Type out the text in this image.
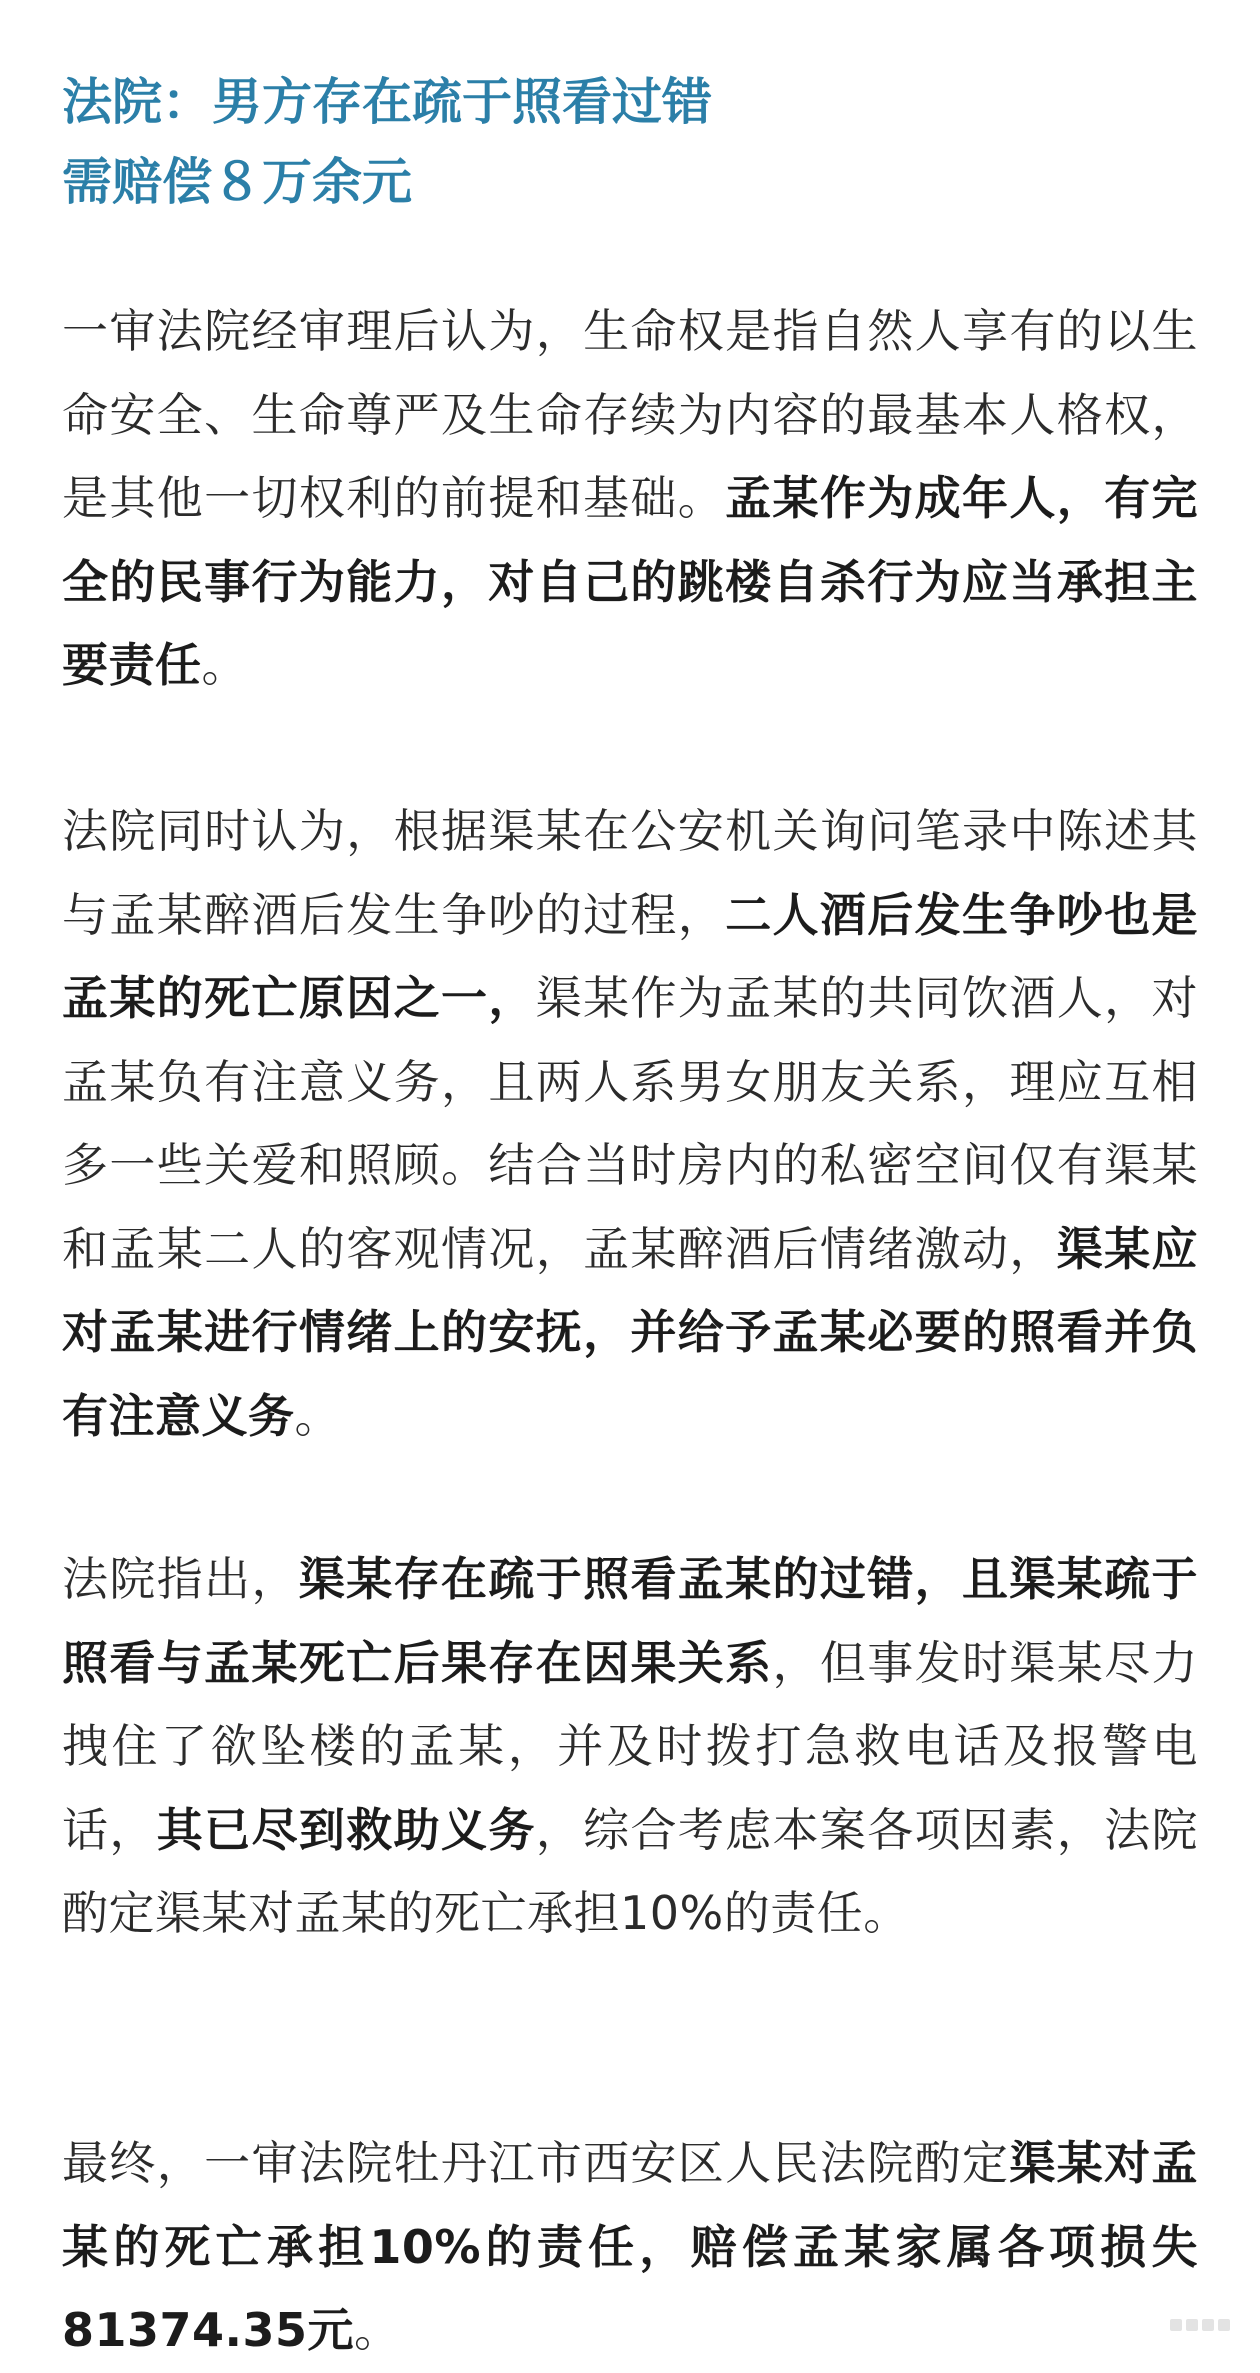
法院：男方存在疏于照看过错
需赔偿８万余元

一审法院经审理后认为，生命权是指自然人享有的以生命安全、生命尊严及生命存续为内容的最基本人格权，是其他一切权利的前提和基础。孟某作为成年人，有完全的民事行为能力，对自己的跳楼自杀行为应当承担主要责任。

法院同时认为，根据渠某在公安机关询问笔录中陈述其与孟某醉酒后发生争吵的过程，二人酒后发生争吵也是孟某的死亡原因之一，渠某作为孟某的共同饮酒人，对孟某负有注意义务，且两人系男女朋友关系，理应互相多一些关爱和照顾。结合当时房内的私密空间仅有渠某和孟某二人的客观情况，孟某醉酒后情绪激动，渠某应对孟某进行情绪上的安抚，并给予孟某必要的照看并负有注意义务。

法院指出，渠某存在疏于照看孟某的过错，且渠某疏于照看与孟某死亡后果存在因果关系，但事发时渠某尽力拽住了欲坠楼的孟某，并及时拨打急救电话及报警电话，其已尽到救助义务，综合考虑本案各项因素，法院酌定渠某对孟某的死亡承担10%的责任。

最终，一审法院牡丹江市西安区人民法院酌定渠某对孟某的死亡承担10%的责任，赔偿孟某家属各项损失81374.35元。
